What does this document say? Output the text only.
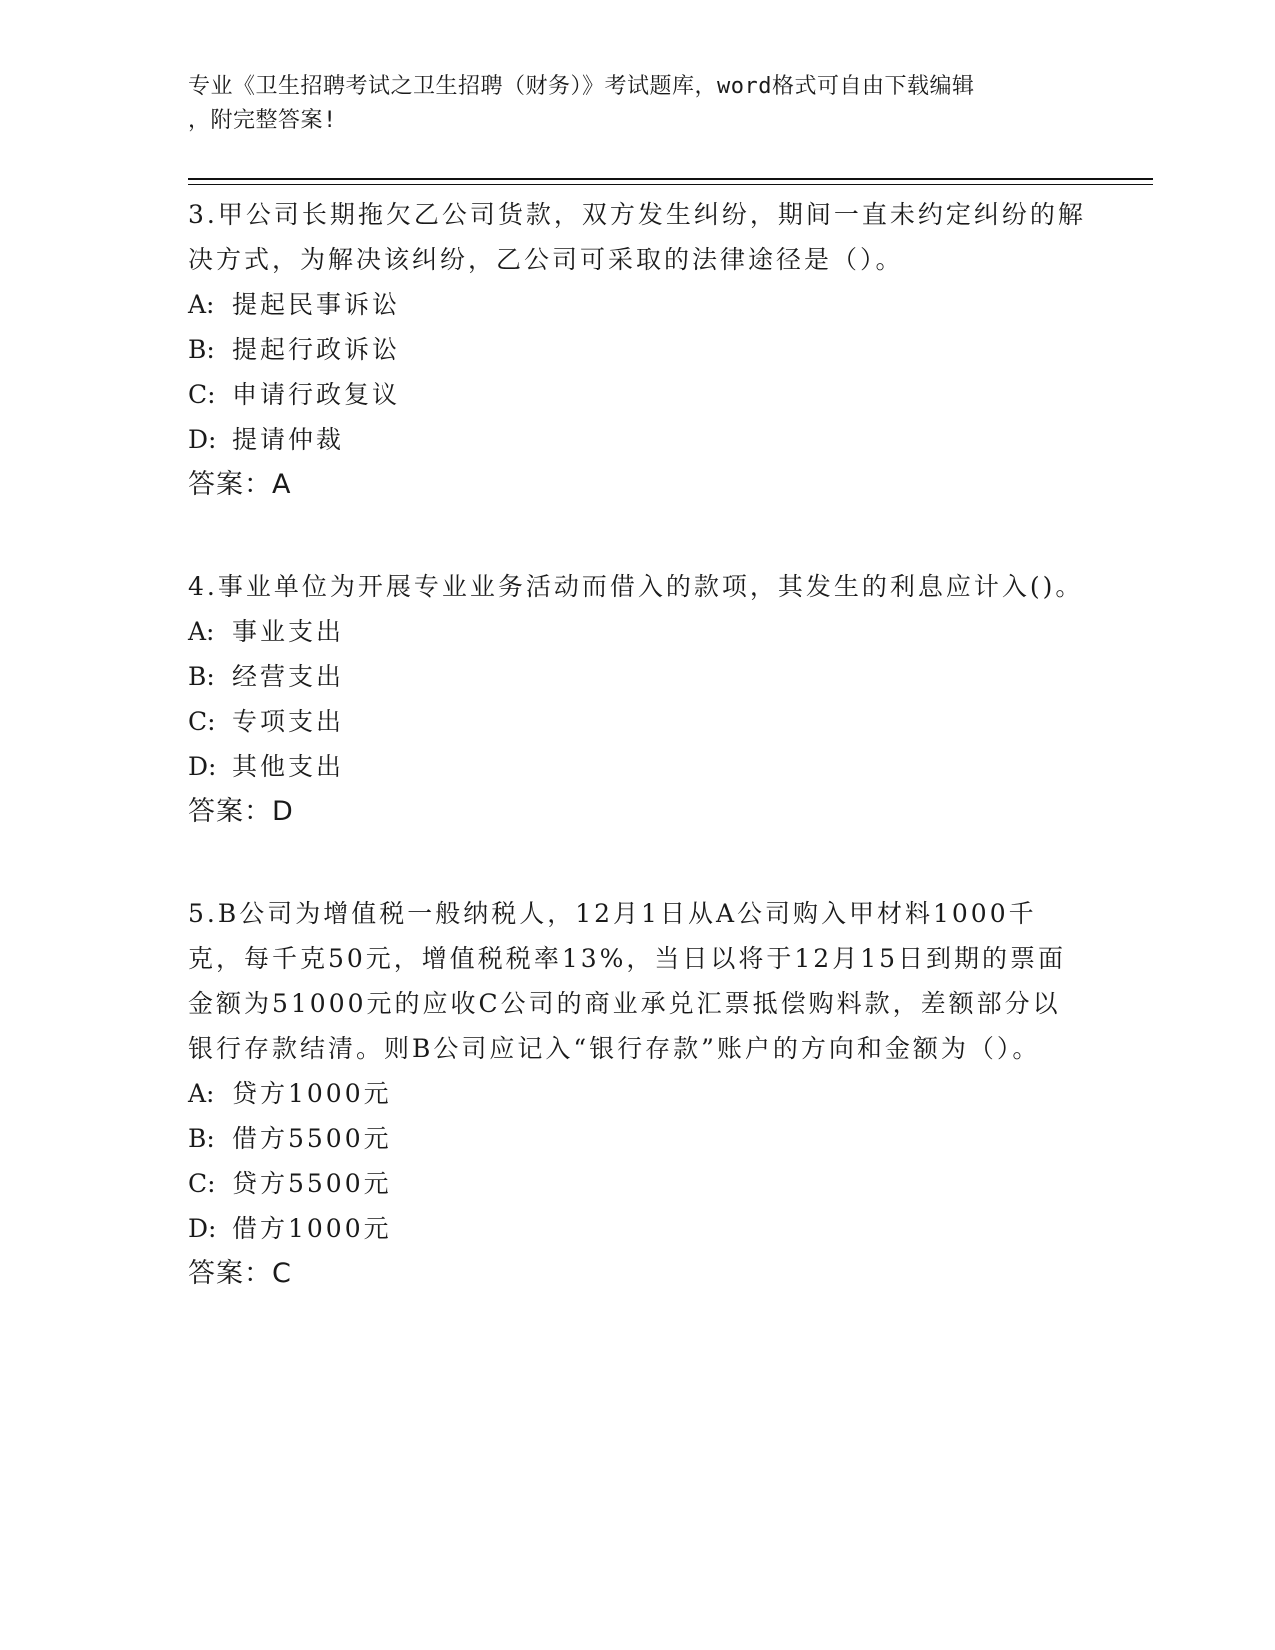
专业《卫生招聘考试之卫生招聘（财务）》考试题库，word格式可自由下载编辑
，附完整答案!

3.甲公司长期拖欠乙公司货款，双方发生纠纷，期间一直未约定纠纷的解决方式，为解决该纠纷，乙公司可采取的法律途径是（）。

A: 提起民事诉讼

B: 提起行政诉讼

C: 申请行政复议

D: 提请仲裁

答案：A

4.事业单位为开展专业业务活动而借入的款项，其发生的利息应计入()。

A: 事业支出

B: 经营支出

C: 专项支出

D: 其他支出

答案：D

5.B公司为增值税一般纳税人，12月1日从A公司购入甲材料1000千克，每千克50元，增值税税率13%，当日以将于12月15日到期的票面金额为51000元的应收C公司的商业承兑汇票抵偿购料款，差额部分以银行存款结清。则B公司应记入“银行存款”账户的方向和金额为（）。

A: 贷方1000元

B: 借方5500元

C: 贷方5500元

D: 借方1000元

答案：C
